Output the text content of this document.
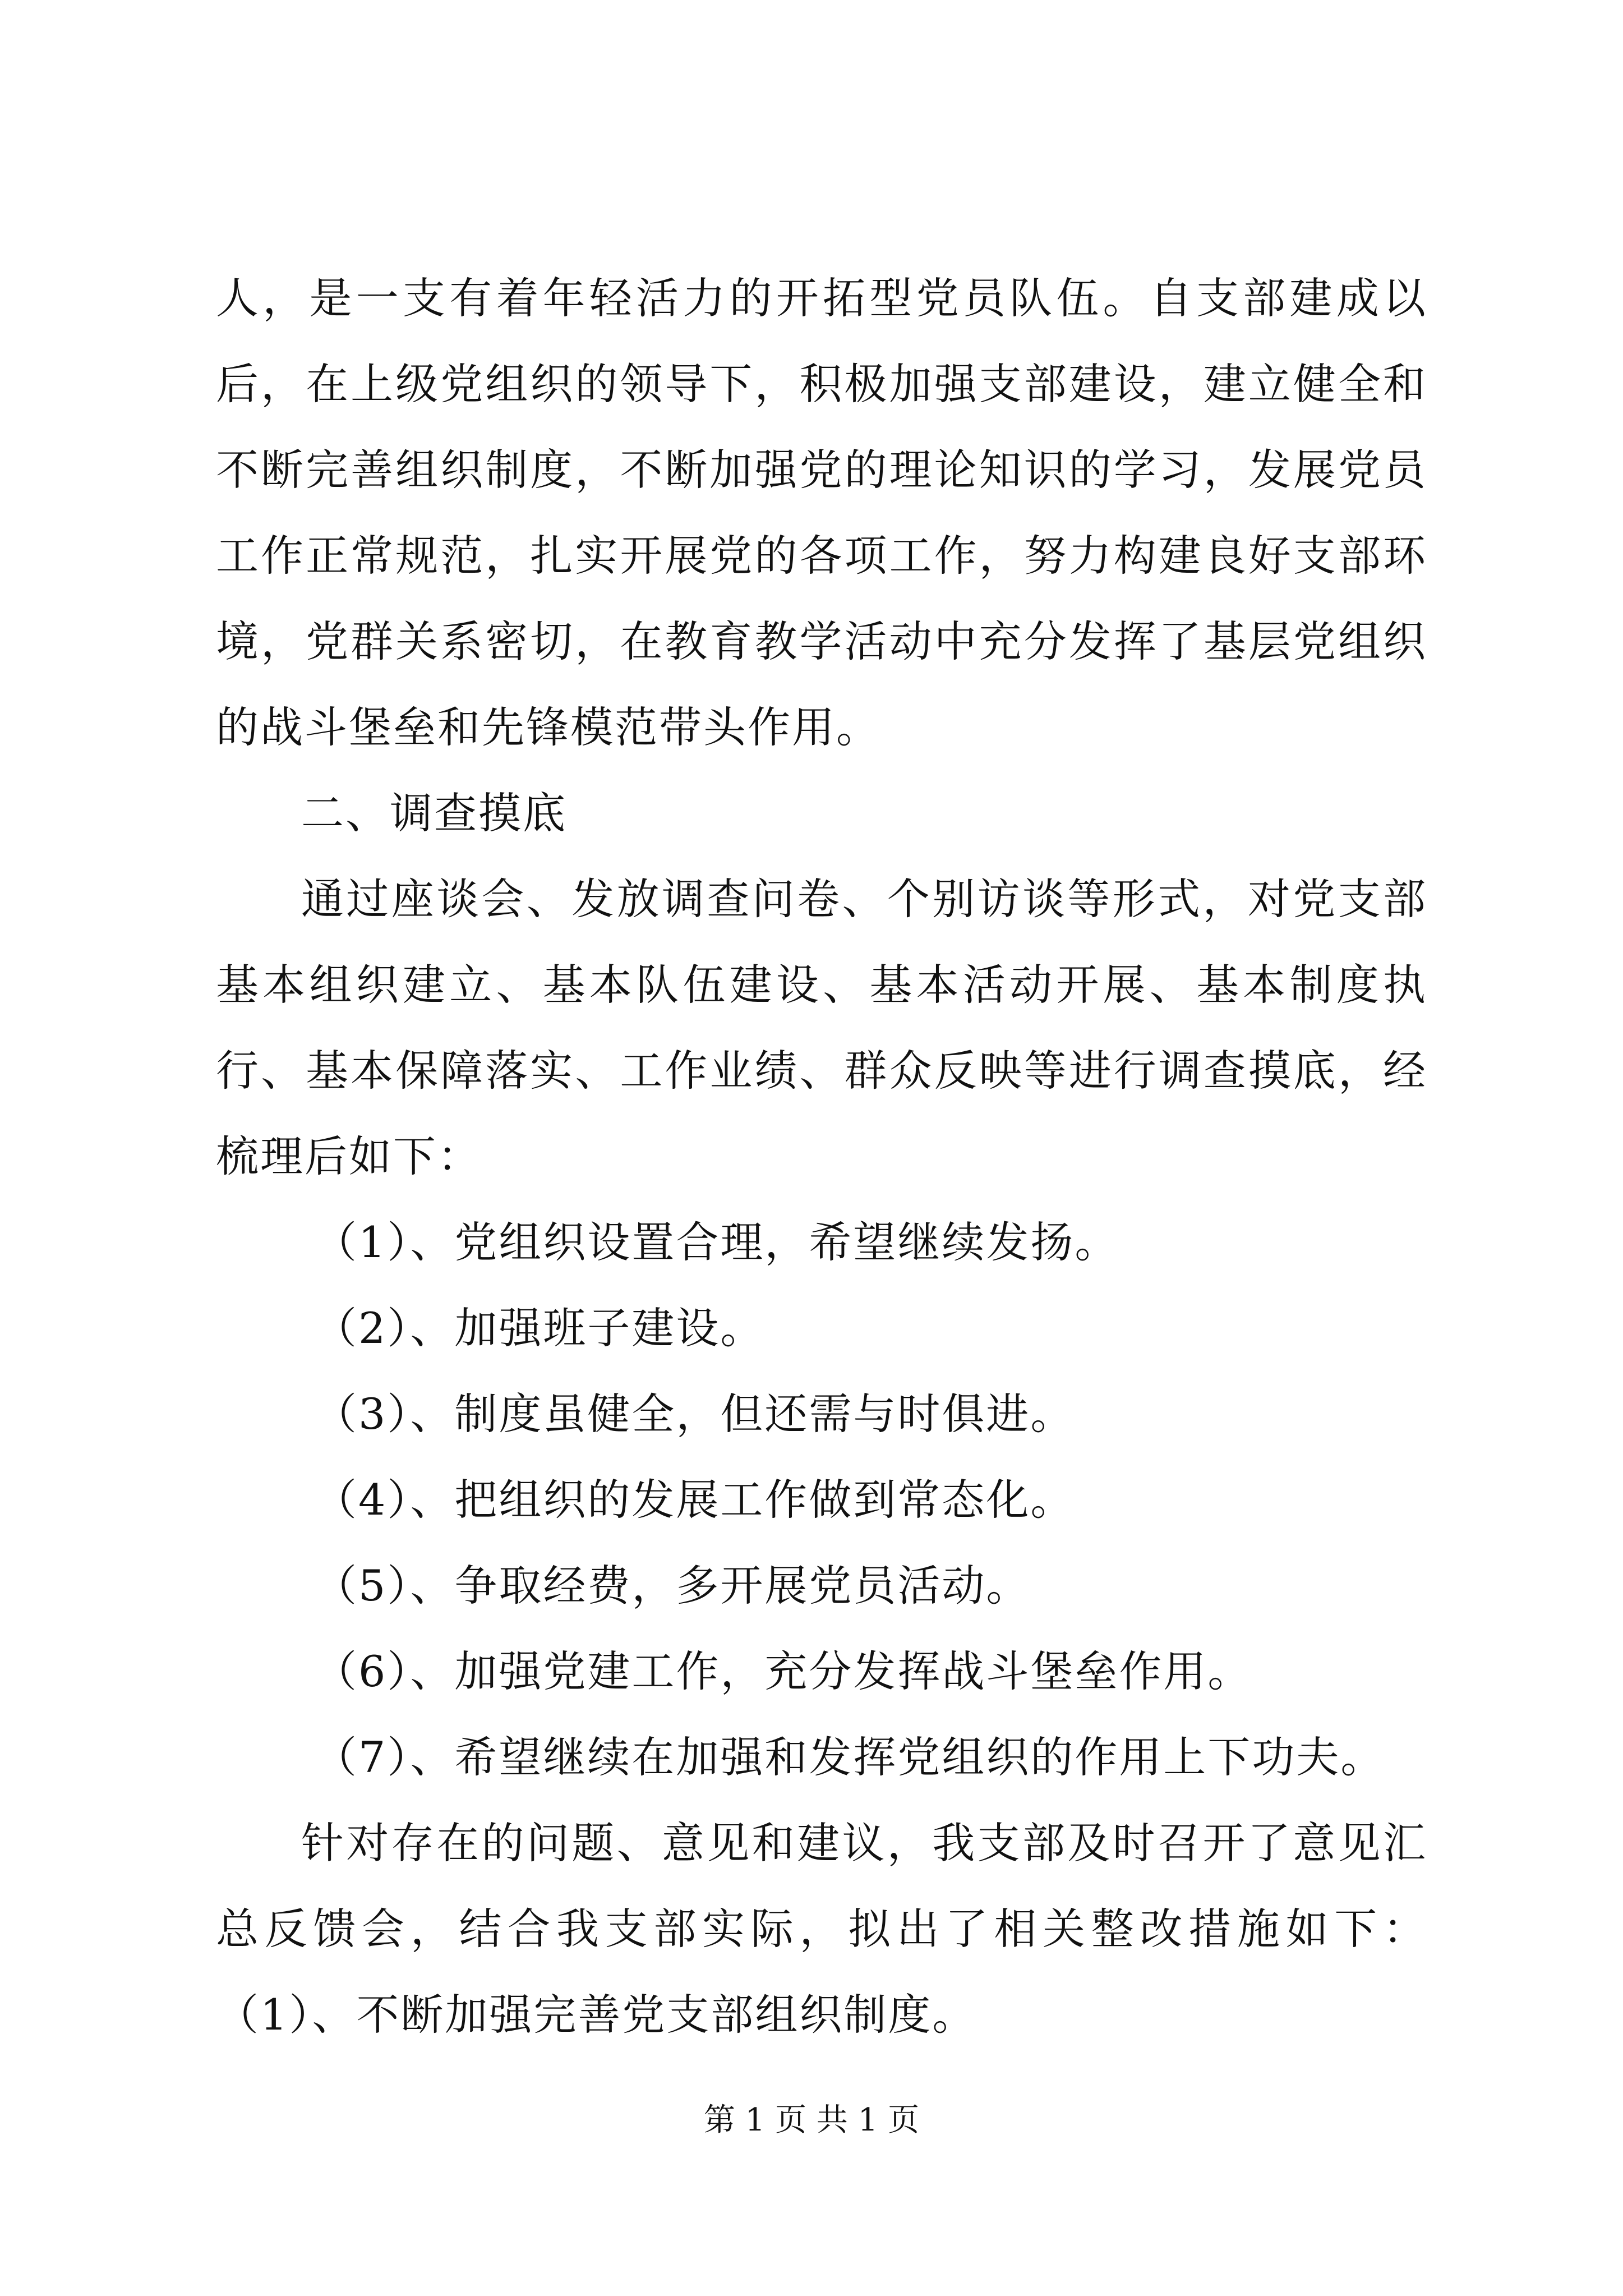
人，是一支有着年轻活力的开拓型党员队伍。自支部建成以后，在上级党组织的领导下，积极加强支部建设，建立健全和不断完善组织制度，不断加强党的理论知识的学习，发展党员工作正常规范，扎实开展党的各项工作，努力构建良好支部环境，党群关系密切，在教育教学活动中充分发挥了基层党组织的战斗堡垒和先锋模范带头作用。

二、调查摸底

通过座谈会、发放调查问卷、个别访谈等形式，对党支部基本组织建立、基本队伍建设、基本活动开展、基本制度执行、基本保障落实、工作业绩、群众反映等进行调查摸底，经梳理后如下：

（1）、党组织设置合理，希望继续发扬。

（2）、加强班子建设。

（3）、制度虽健全，但还需与时俱进。

（4）、把组织的发展工作做到常态化。

（5）、争取经费，多开展党员活动。

（6）、加强党建工作，充分发挥战斗堡垒作用。

（7）、希望继续在加强和发挥党组织的作用上下功夫。

针对存在的问题、意见和建议，我支部及时召开了意见汇总反馈会，结合我支部实际，拟出了相关整改措施如下：（1）、不断加强完善党支部组织制度。

第 1 页 共 1 页
